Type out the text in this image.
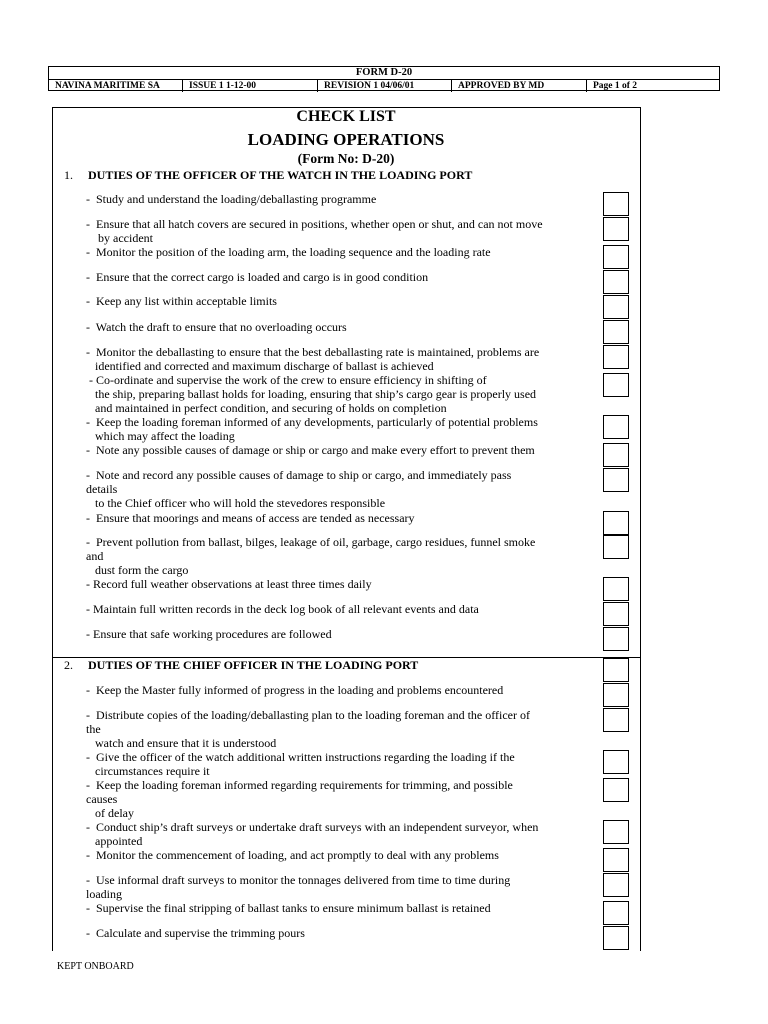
FORM D-20
NAVINA MARITIME SA	ISSUE 1 1-12-00	REVISION 1 04/06/01	APPROVED BY MD	Page 1 of 2
CHECK LIST
LOADING OPERATIONS
(Form No: D-20)
1. DUTIES OF THE OFFICER OF THE WATCH IN THE LOADING PORT
-  Study and understand the loading/deballasting programme
-  Ensure that all hatch covers are secured in positions, whether open or shut, and can not move
by accident
-  Monitor the position of the loading arm, the loading sequence and the loading rate
-  Ensure that the correct cargo is loaded and cargo is in good condition
-  Keep any list within acceptable limits
-  Watch the draft to ensure that no overloading occurs
-  Monitor the deballasting to ensure that the best deballasting rate is maintained, problems are
identified and corrected and maximum discharge of ballast is achieved
- Co-ordinate and supervise the work of the crew to ensure efficiency in shifting of
the ship, preparing ballast holds for loading, ensuring that ship’s cargo gear is properly used
and maintained in perfect condition, and securing of holds on completion
-  Keep the loading foreman informed of any developments, particularly of potential problems
which may affect the loading
-  Note any possible causes of damage or ship or cargo and make every effort to prevent them
-  Note and record any possible causes of damage to ship or cargo, and immediately pass
details
to the Chief officer who will hold the stevedores responsible
-  Ensure that moorings and means of access are tended as necessary
-  Prevent pollution from ballast, bilges, leakage of oil, garbage, cargo residues, funnel smoke
and
dust form the cargo
- Record full weather observations at least three times daily
- Maintain full written records in the deck log book of all relevant events and data
- Ensure that safe working procedures are followed
2. DUTIES OF THE CHIEF OFFICER IN THE LOADING PORT
-  Keep the Master fully informed of progress in the loading and problems encountered
-  Distribute copies of the loading/deballasting plan to the loading foreman and the officer of
the
watch and ensure that it is understood
-  Give the officer of the watch additional written instructions regarding the loading if the
circumstances require it
-  Keep the loading foreman informed regarding requirements for trimming, and possible
causes
of delay
-  Conduct ship’s draft surveys or undertake draft surveys with an independent surveyor, when
appointed
-  Monitor the commencement of loading, and act promptly to deal with any problems
-  Use informal draft surveys to monitor the tonnages delivered from time to time during
loading
-  Supervise the final stripping of ballast tanks to ensure minimum ballast is retained
-  Calculate and supervise the trimming pours
KEPT ONBOARD
